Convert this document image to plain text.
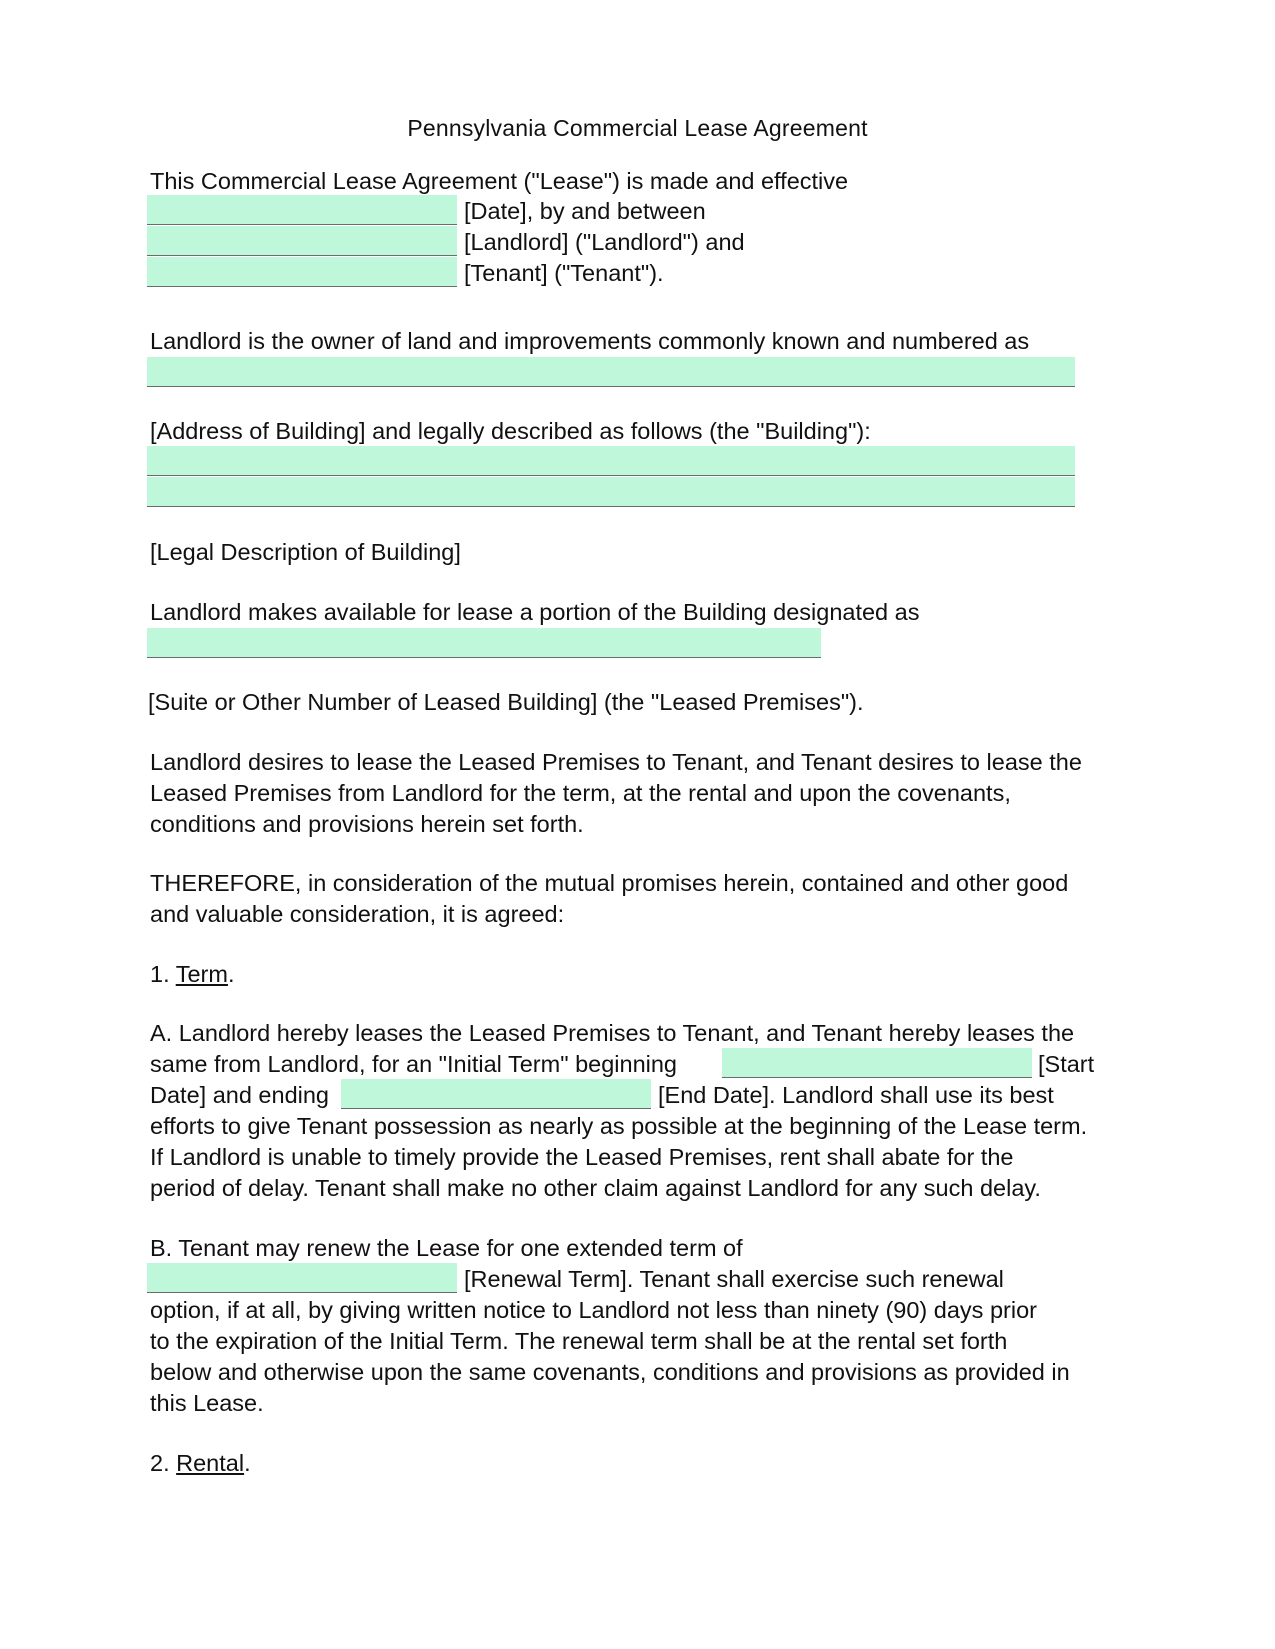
Pennsylvania Commercial Lease Agreement
This Commercial Lease Agreement ("Lease") is made and effective
[Date], by and between
[Landlord] ("Landlord") and
[Tenant] ("Tenant").
Landlord is the owner of land and improvements commonly known and numbered as
[Address of Building] and legally described as follows (the "Building"):
[Legal Description of Building]
Landlord makes available for lease a portion of the Building designated as
[Suite or Other Number of Leased Building] (the "Leased Premises").
Landlord desires to lease the Leased Premises to Tenant, and Tenant desires to lease the
Leased Premises from Landlord for the term, at the rental and upon the covenants,
conditions and provisions herein set forth.
THEREFORE, in consideration of the mutual promises herein, contained and other good
and valuable consideration, it is agreed:
1. Term.
A. Landlord hereby leases the Leased Premises to Tenant, and Tenant hereby leases the
same from Landlord, for an "Initial Term" beginning	[Start
Date] and ending	[End Date]. Landlord shall use its best
efforts to give Tenant possession as nearly as possible at the beginning of the Lease term.
If Landlord is unable to timely provide the Leased Premises, rent shall abate for the
period of delay. Tenant shall make no other claim against Landlord for any such delay.
B. Tenant may renew the Lease for one extended term of
[Renewal Term]. Tenant shall exercise such renewal
option, if at all, by giving written notice to Landlord not less than ninety (90) days prior
to the expiration of the Initial Term. The renewal term shall be at the rental set forth
below and otherwise upon the same covenants, conditions and provisions as provided in
this Lease.
2. Rental.
